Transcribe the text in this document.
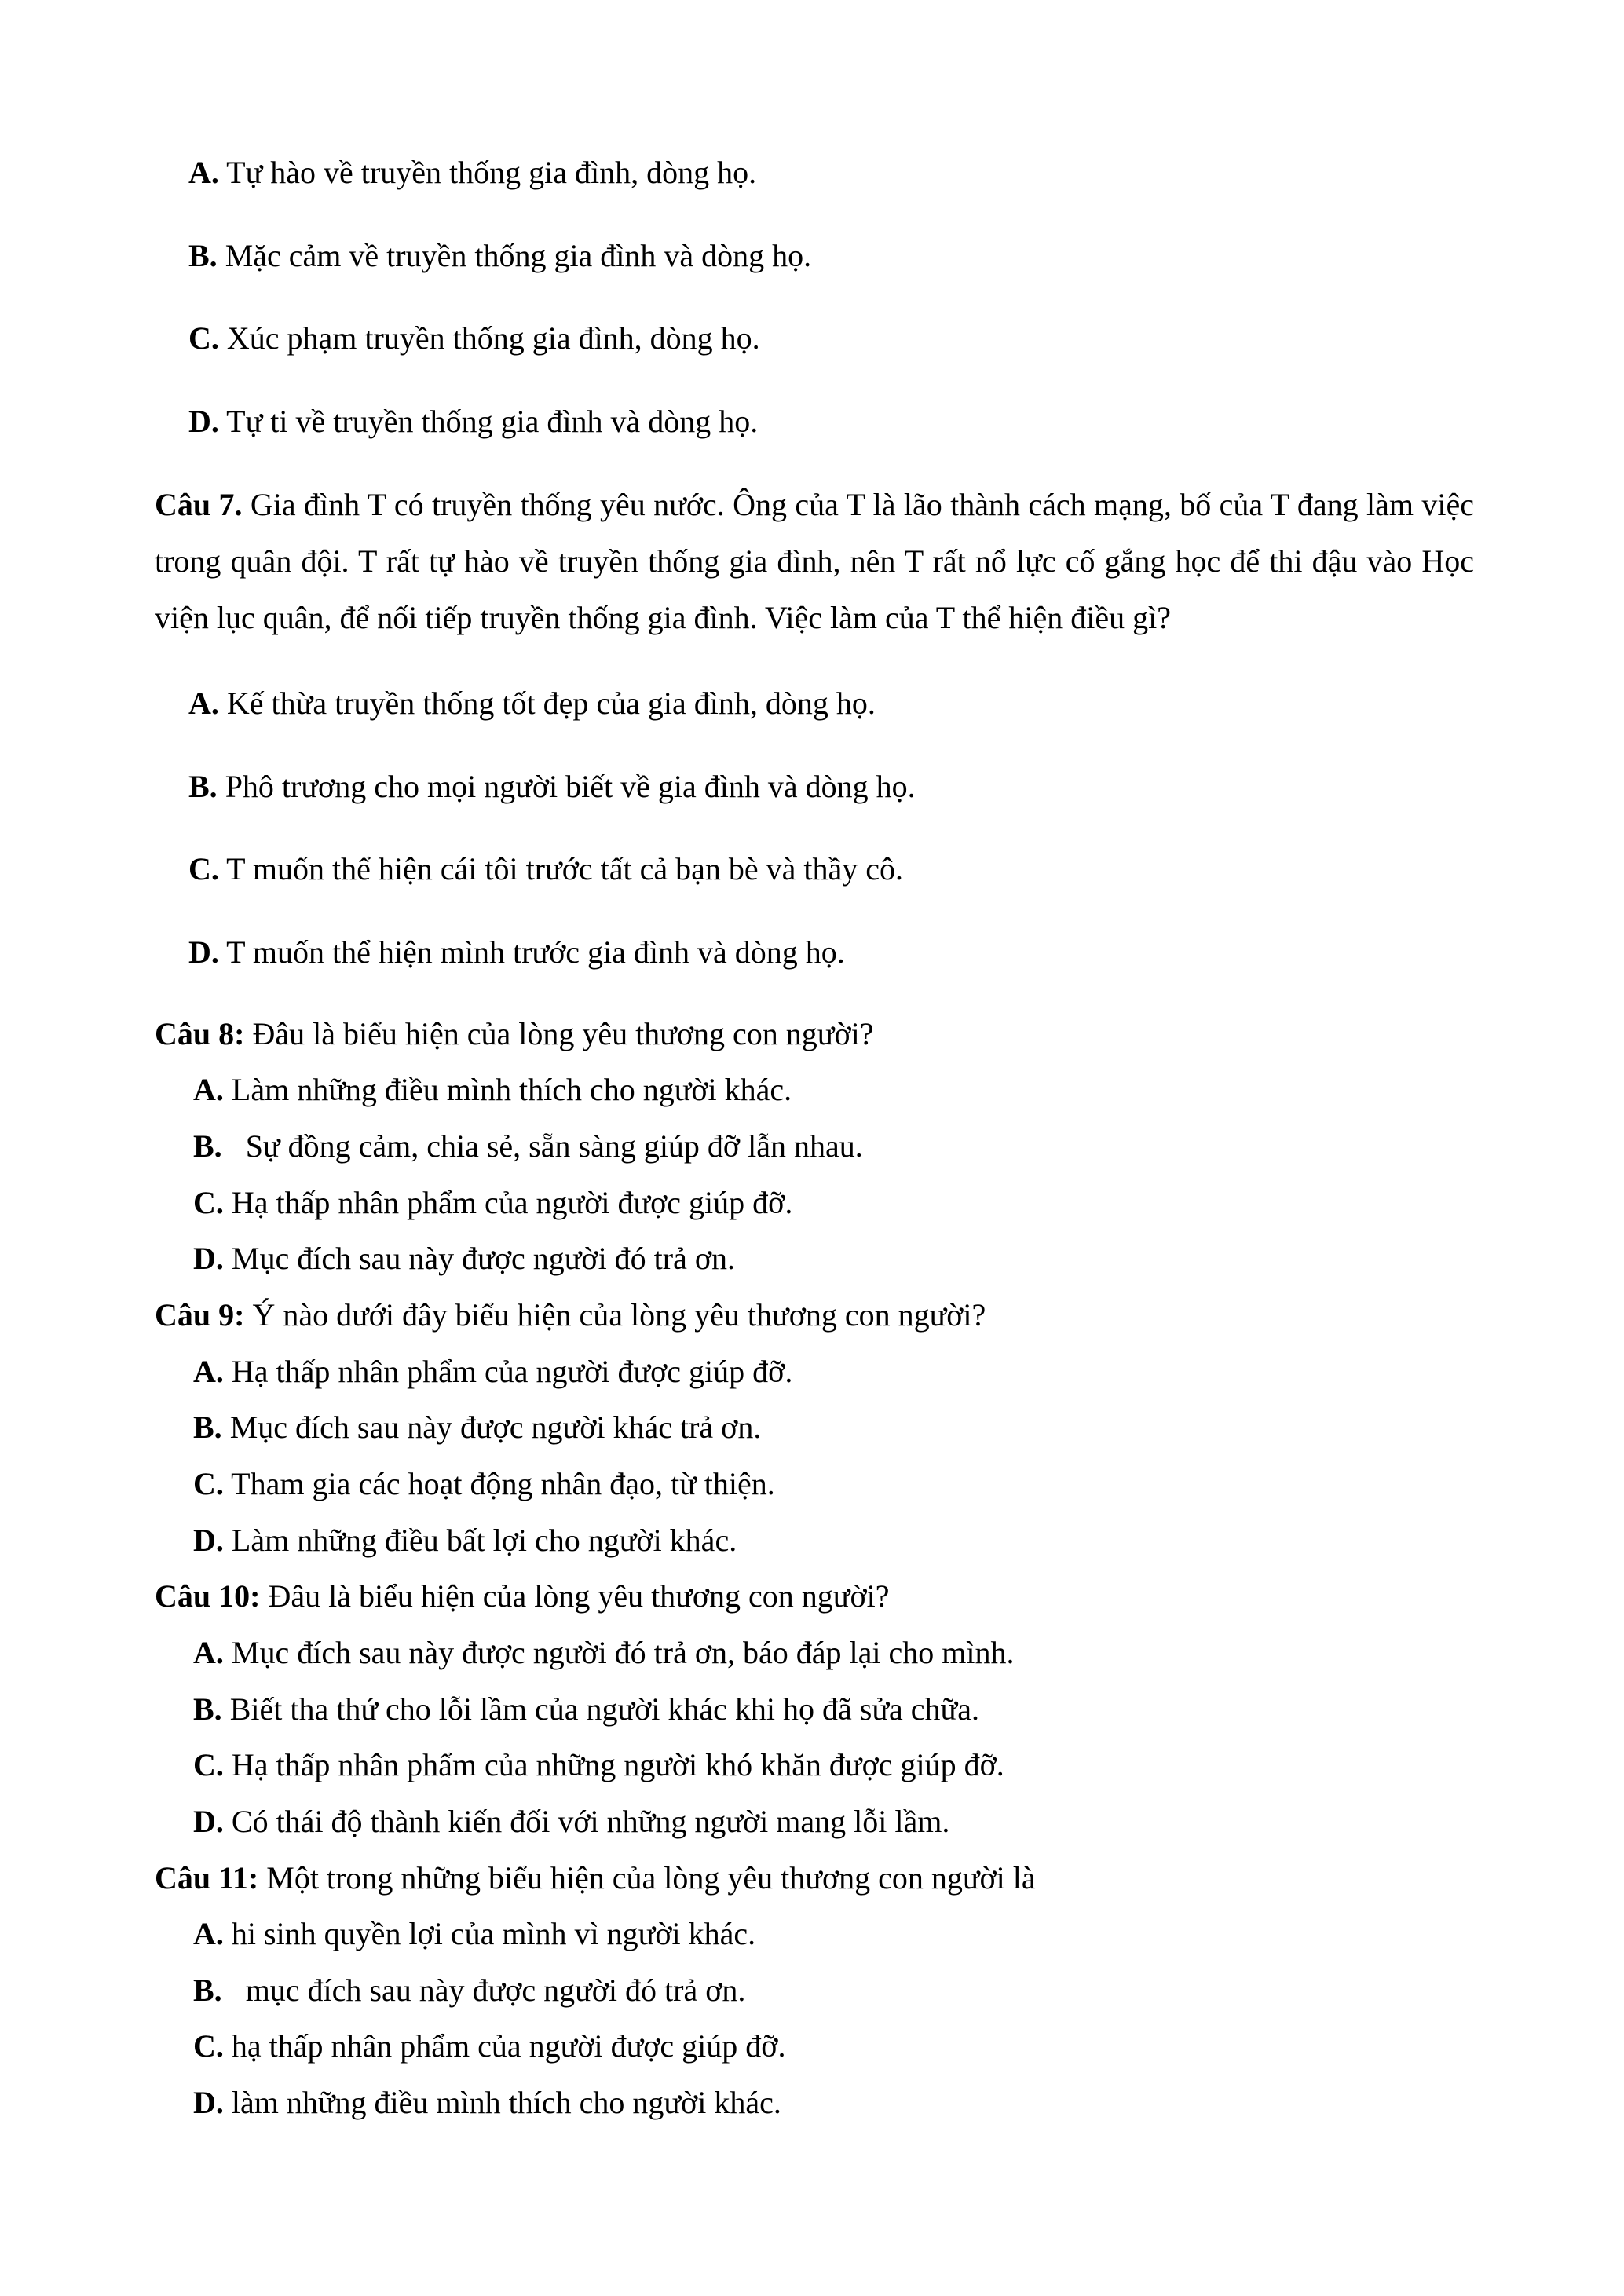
A. Tự hào về truyền thống gia đình, dòng họ.

B. Mặc cảm về truyền thống gia đình và dòng họ.

C. Xúc phạm truyền thống gia đình, dòng họ.

D. Tự ti về truyền thống gia đình và dòng họ.

Câu 7. Gia đình T có truyền thống yêu nước. Ông của T là lão thành cách mạng, bố của T đang làm việc trong quân đội. T rất tự hào về truyền thống gia đình, nên T rất nổ lực cố gắng học để thi đậu vào Học viện lục quân, để nối tiếp truyền thống gia đình. Việc làm của T thể hiện điều gì?

A. Kế thừa truyền thống tốt đẹp của gia đình, dòng họ.

B. Phô trương cho mọi người biết về gia đình và dòng họ.

C. T muốn thể hiện cái tôi trước tất cả bạn bè và thầy cô.

D. T muốn thể hiện mình trước gia đình và dòng họ.

Câu 8: Đâu là biểu hiện của lòng yêu thương con người?

A. Làm những điều mình thích cho người khác.

B.   Sự đồng cảm, chia sẻ, sẵn sàng giúp đỡ lẫn nhau.

C. Hạ thấp nhân phẩm của người được giúp đỡ.

D. Mục đích sau này được người đó trả ơn.

Câu 9: Ý nào dưới đây biểu hiện của lòng yêu thương con người?

A. Hạ thấp nhân phẩm của người được giúp đỡ.

B. Mục đích sau này được người khác trả ơn.

C. Tham gia các hoạt động nhân đạo, từ thiện.

D. Làm những điều bất lợi cho người khác.

Câu 10: Đâu là biểu hiện của lòng yêu thương con người?

A. Mục đích sau này được người đó trả ơn, báo đáp lại cho mình.

B. Biết tha thứ cho lỗi lầm của người khác khi họ đã sửa chữa.

C. Hạ thấp nhân phẩm của những người khó khăn được giúp đỡ.

D. Có thái độ thành kiến đối với những người mang lỗi lầm.

Câu 11: Một trong những biểu hiện của lòng yêu thương con người là

A. hi sinh quyền lợi của mình vì người khác.

B.   mục đích sau này được người đó trả ơn.

C. hạ thấp nhân phẩm của người được giúp đỡ.

D. làm những điều mình thích cho người khác.
